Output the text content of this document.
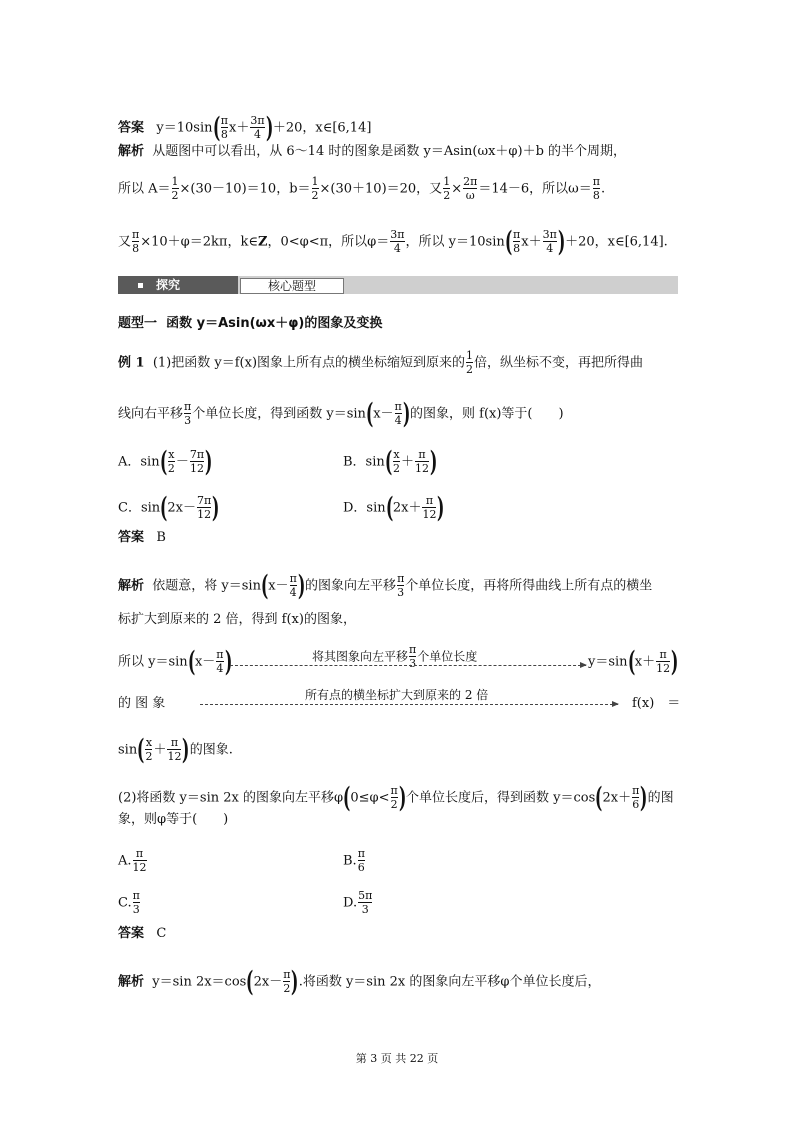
答案 $y=10\sin( \frac{\pi}{8} x+ \frac{3\pi}{4} )+20$，x∈[6,14]
解析 从题图中可以看出，从 6～14 时的图象是函数 y＝Asin(ωx＋φ)＋b 的半个周期，
所以 $A= \frac{1}{2} \times(30-10)=10$，$b= \frac{1}{2} \times(30+10)=20$，又 $\frac{1}{2} \times \frac{2\pi}{\omega} =14-6$，所以$\omega= \frac{\pi}{8}$ .
又 $\frac{\pi}{8} \times 10+\varphi=2k\pi$，k∈Z，0<φ<π，所以$\varphi= \frac{3\pi}{4}$ ，所以 $y=10\sin( \frac{\pi}{8} x+ \frac{3\pi}{4} )+20$，x∈[6,14].
探究	核心题型
题型一 函数 y＝Asin(ωx＋φ)的图象及变换
例 1 (1)把函数 y＝f(x)图象上所有点的横坐标缩短到原来的 $\frac{1}{2}$ 倍，纵坐标不变，再把所得曲
线向右平移 $\frac{\pi}{3}$ 个单位长度，得到函数 $y=\sin(x- \frac{\pi}{4}$ )的图象，则 f(x)等于(　　)
A．$\sin( \frac{x}{2} - \frac{7\pi}{12}$ )	B．$\sin( \frac{x}{2} + \frac{\pi}{12}$ )
C．$\sin(2x- \frac{7\pi}{12}$ )	D．$\sin(2x+ \frac{\pi}{12}$ )
答案 B
解析 依题意，将 $y=\sin(x- \frac{\pi}{4}$ )的图象向左平移 $\frac{\pi}{3}$ 个单位长度，再将所得曲线上所有点的横坐
标扩大到原来的 2 倍，得到 f(x)的图象，
所以 $y=\sin(x- \frac{\pi}{4}$ )	将其图象向左平移 $\frac{\pi}{3}$ 个单位长度	$y=\sin(x+ \frac{\pi}{12}$ )
的 图 象
所有点的横坐标扩大到原来的 2 倍
f(x)　＝
$\sin( \frac{x}{2} + \frac{\pi}{12}$ )的图象.
(2)将函数 y＝sin 2x 的图象向左平移$\varphi(0\le\varphi< \frac{\pi}{2}$ )个单位长度后，得到函数 $y=\cos(2x+ \frac{\pi}{6}$ )的图
象，则φ等于(　　)
A. $\frac{\pi}{12}$	B. $\frac{\pi}{6}$
C. $\frac{\pi}{3}$	D. $\frac{5\pi}{3}$
答案 C
解析 y＝sin $2x=\cos(2x- \frac{\pi}{2}$ ).将函数 y＝sin 2x 的图象向左平移φ个单位长度后，
第 3 页 共 22 页
